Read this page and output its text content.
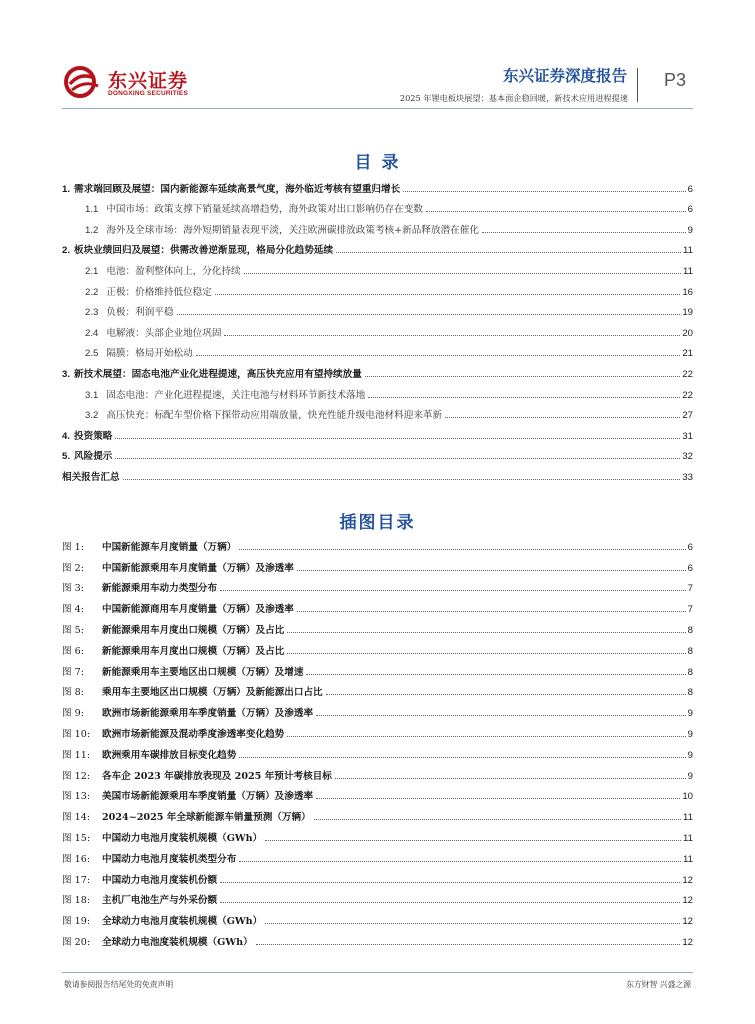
东兴证券
DONGXING SECURITIES
东兴证券深度报告
2025 年锂电板块展望：基本面企稳回暖，新技术应用进程提速
P3
目 录
1. 需求端回顾及展望：国内新能源车延续高景气度，海外临近考核有望重归增长	6
1.1 中国市场：政策支撑下销量延续高增趋势，海外政策对出口影响仍存在变数	6
1.2 海外及全球市场：海外短期销量表现平淡，关注欧洲碳排放政策考核+新品释放潜在催化	9
2. 板块业绩回归及展望：供需改善逆渐显现，格局分化趋势延续	11
2.1 电池：盈利整体向上，分化持续	11
2.2 正极：价格维持低位稳定	16
2.3 负极：利润平稳	19
2.4 电解液：头部企业地位巩固	20
2.5 隔膜：格局开始松动	21
3. 新技术展望：固态电池产业化进程提速，高压快充应用有望持续放量	22
3.1 固态电池：产业化进程提速，关注电池与材料环节新技术落地	22
3.2 高压快充：标配车型价格下探带动应用端放量，快充性能升级电池材料迎来革新	27
4. 投资策略	31
5. 风险提示	32
相关报告汇总	33
插图目录
图 1:	中国新能源车月度销量（万辆）	6
图 2:	中国新能源乘用车月度销量（万辆）及渗透率	6
图 3:	新能源乘用车动力类型分布	7
图 4:	中国新能源商用车月度销量（万辆）及渗透率	7
图 5:	新能源乘用车月度出口规模（万辆）及占比	8
图 6:	新能源乘用车月度出口规模（万辆）及占比	8
图 7:	新能源乘用车主要地区出口规模（万辆）及增速	8
图 8:	乘用车主要地区出口规模（万辆）及新能源出口占比	8
图 9:	欧洲市场新能源乘用车季度销量（万辆）及渗透率	9
图 10:	欧洲市场新能源及混动季度渗透率变化趋势	9
图 11:	欧洲乘用车碳排放目标变化趋势	9
图 12:	各车企 2023 年碳排放表现及 2025 年预计考核目标	9
图 13:	美国市场新能源乘用车季度销量（万辆）及渗透率	10
图 14:	2024~2025 年全球新能源车销量预测（万辆）	11
图 15:	中国动力电池月度装机规模（GWh）	11
图 16:	中国动力电池月度装机类型分布	11
图 17:	中国动力电池月度装机份额	12
图 18:	主机厂电池生产与外采份额	12
图 19:	全球动力电池月度装机规模（GWh）	12
图 20:	全球动力电池度装机规模（GWh）	12
敬请参阅报告结尾处的免责声明	东方财智 兴盛之源
